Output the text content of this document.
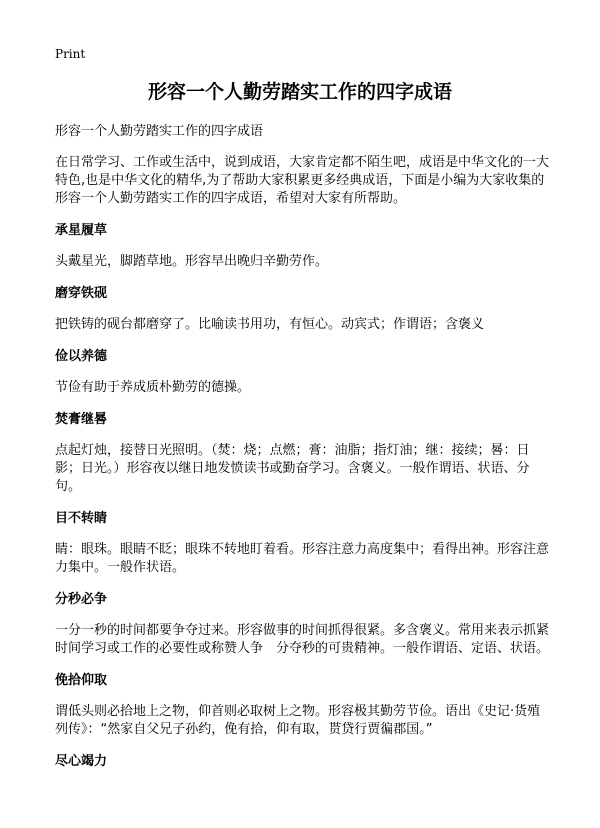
Print
形容一个人勤劳踏实工作的四字成语
形容一个人勤劳踏实工作的四字成语
在日常学习、工作或生活中，说到成语，大家肯定都不陌生吧，成语是中华文化的一大特色,也是中华文化的精华,为了帮助大家积累更多经典成语，下面是小编为大家收集的形容一个人勤劳踏实工作的四字成语，希望对大家有所帮助。
承星履草
头戴星光，脚踏草地。形容早出晚归辛勤劳作。
磨穿铁砚
把铁铸的砚台都磨穿了。比喻读书用功，有恒心。动宾式；作谓语；含褒义
俭以养德
节俭有助于养成质朴勤劳的德操。
焚膏继晷
点起灯烛，接替日光照明。（焚：烧；点燃；膏：油脂；指灯油；继：接续；晷：日影；日光。）形容夜以继日地发愤读书或勤奋学习。含褒义。一般作谓语、状语、分句。
目不转睛
睛：眼珠。眼睛不眨；眼珠不转地盯着看。形容注意力高度集中；看得出神。形容注意力集中。一般作状语。
分秒必争
一分一秒的时间都要争夺过来。形容做事的时间抓得很紧。多含褒义。常用来表示抓紧时间学习或工作的必要性或称赞人争　分夺秒的可贵精神。一般作谓语、定语、状语。
俛拾仰取
谓低头则必拾地上之物，仰首则必取树上之物。形容极其勤劳节俭。语出《史记·货殖列传》：“然家自父兄子孙约，俛有拾，仰有取，贳贷行贾徧郡国。”
尽心竭力
